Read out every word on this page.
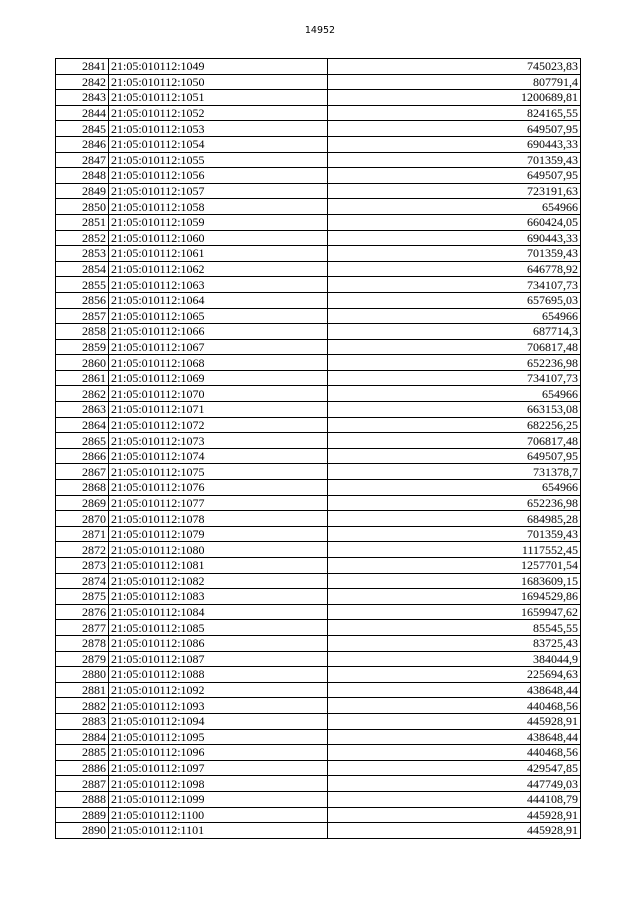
14952
2841	21:05:010112:1049	745023,83
2842	21:05:010112:1050	807791,4
2843	21:05:010112:1051	1200689,81
2844	21:05:010112:1052	824165,55
2845	21:05:010112:1053	649507,95
2846	21:05:010112:1054	690443,33
2847	21:05:010112:1055	701359,43
2848	21:05:010112:1056	649507,95
2849	21:05:010112:1057	723191,63
2850	21:05:010112:1058	654966
2851	21:05:010112:1059	660424,05
2852	21:05:010112:1060	690443,33
2853	21:05:010112:1061	701359,43
2854	21:05:010112:1062	646778,92
2855	21:05:010112:1063	734107,73
2856	21:05:010112:1064	657695,03
2857	21:05:010112:1065	654966
2858	21:05:010112:1066	687714,3
2859	21:05:010112:1067	706817,48
2860	21:05:010112:1068	652236,98
2861	21:05:010112:1069	734107,73
2862	21:05:010112:1070	654966
2863	21:05:010112:1071	663153,08
2864	21:05:010112:1072	682256,25
2865	21:05:010112:1073	706817,48
2866	21:05:010112:1074	649507,95
2867	21:05:010112:1075	731378,7
2868	21:05:010112:1076	654966
2869	21:05:010112:1077	652236,98
2870	21:05:010112:1078	684985,28
2871	21:05:010112:1079	701359,43
2872	21:05:010112:1080	1117552,45
2873	21:05:010112:1081	1257701,54
2874	21:05:010112:1082	1683609,15
2875	21:05:010112:1083	1694529,86
2876	21:05:010112:1084	1659947,62
2877	21:05:010112:1085	85545,55
2878	21:05:010112:1086	83725,43
2879	21:05:010112:1087	384044,9
2880	21:05:010112:1088	225694,63
2881	21:05:010112:1092	438648,44
2882	21:05:010112:1093	440468,56
2883	21:05:010112:1094	445928,91
2884	21:05:010112:1095	438648,44
2885	21:05:010112:1096	440468,56
2886	21:05:010112:1097	429547,85
2887	21:05:010112:1098	447749,03
2888	21:05:010112:1099	444108,79
2889	21:05:010112:1100	445928,91
2890	21:05:010112:1101	445928,91
